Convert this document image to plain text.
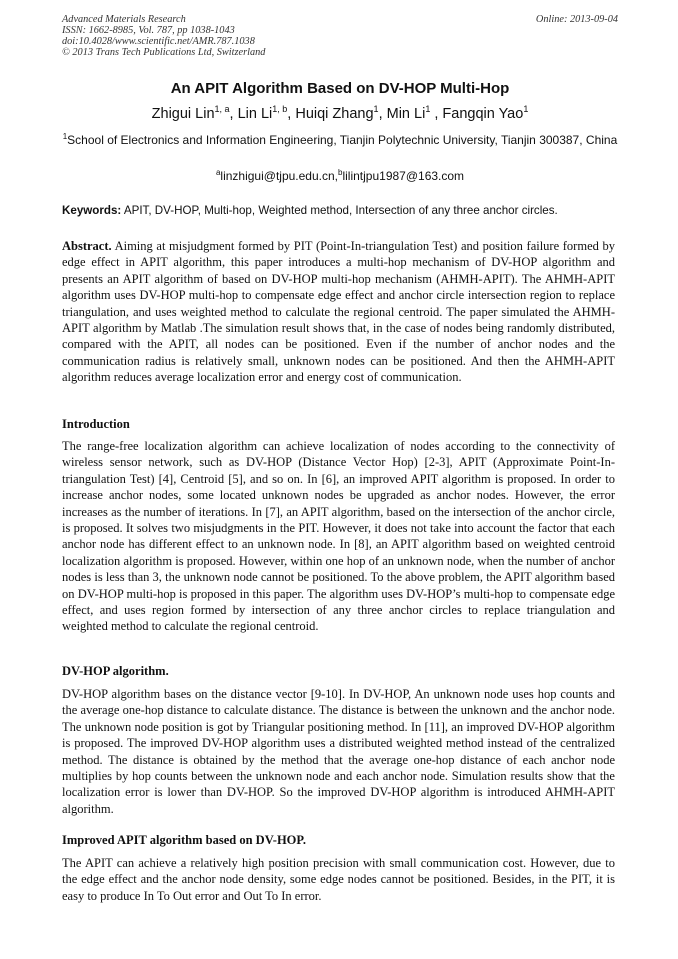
Advanced Materials Research	Online: 2013-09-04
ISSN: 1662-8985, Vol. 787, pp 1038-1043
doi:10.4028/www.scientific.net/AMR.787.1038
© 2013 Trans Tech Publications Ltd, Switzerland
An APIT Algorithm Based on DV-HOP Multi-Hop
Zhigui Lin$^{1, a}$, Lin Li$^{1, b}$, Huiqi Zhang$^1$, Min Li$^1$ , Fangqin Yao$^1$
$^1$School of Electronics and Information Engineering, Tianjin Polytechnic University, Tianjin 300387, China
$^a$linzhigui@tjpu.edu.cn,$^b$lilintjpu1987@163.com
Keywords: APIT, DV-HOP, Multi-hop, Weighted method, Intersection of any three anchor circles.
Abstract. Aiming at misjudgment formed by PIT (Point-In-triangulation Test) and position failure formed by edge effect in APIT algorithm, this paper introduces a multi-hop mechanism of DV-HOP algorithm and presents an APIT algorithm of based on DV-HOP multi-hop mechanism (AHMH-APIT). The AHMH-APIT algorithm uses DV-HOP multi-hop to compensate edge effect and anchor circle intersection region to replace triangulation, and uses weighted method to calculate the regional centroid. The paper simulated the AHMH-APIT algorithm by Matlab .The simulation result shows that, in the case of nodes being randomly distributed, compared with the APIT, all nodes can be positioned. Even if the number of anchor nodes and the communication radius is relatively small, unknown nodes can be positioned. And then the AHMH-APIT algorithm reduces average localization error and energy cost of communication.
Introduction
The range-free localization algorithm can achieve localization of nodes according to the connectivity of wireless sensor network, such as DV-HOP (Distance Vector Hop) [2-3], APIT (Approximate Point-In-triangulation Test) [4], Centroid [5], and so on. In [6], an improved APIT algorithm is proposed. In order to increase anchor nodes, some located unknown nodes be upgraded as anchor nodes. However, the error increases as the number of iterations. In [7], an APIT algorithm, based on the intersection of the anchor circle, is proposed. It solves two misjudgments in the PIT. However, it does not take into account the factor that each anchor node has different effect to an unknown node. In [8], an APIT algorithm based on weighted centroid localization algorithm is proposed. However, within one hop of an unknown node, when the number of anchor nodes is less than 3, the unknown node cannot be positioned. To the above problem, the APIT algorithm based on DV-HOP multi-hop is proposed in this paper. The algorithm uses DV-HOP’s multi-hop to compensate edge effect, and uses region formed by intersection of any three anchor circles to replace triangulation and weighted method to calculate the regional centroid.
DV-HOP algorithm.
DV-HOP algorithm bases on the distance vector [9-10]. In DV-HOP, An unknown node uses hop counts and the average one-hop distance to calculate distance. The distance is between the unknown and the anchor node. The unknown node position is got by Triangular positioning method. In [11], an improved DV-HOP algorithm is proposed. The improved DV-HOP algorithm uses a distributed weighted method instead of the centralized method. The distance is obtained by the method that the average one-hop distance of each anchor node multiplies by hop counts between the unknown node and each anchor node. Simulation results show that the localization error is lower than DV-HOP. So the improved DV-HOP algorithm is introduced AHMH-APIT algorithm.
Improved APIT algorithm based on DV-HOP.
The APIT can achieve a relatively high position precision with small communication cost. However, due to the edge effect and the anchor node density, some edge nodes cannot be positioned. Besides, in the PIT, it is easy to produce In To Out error and Out To In error.
